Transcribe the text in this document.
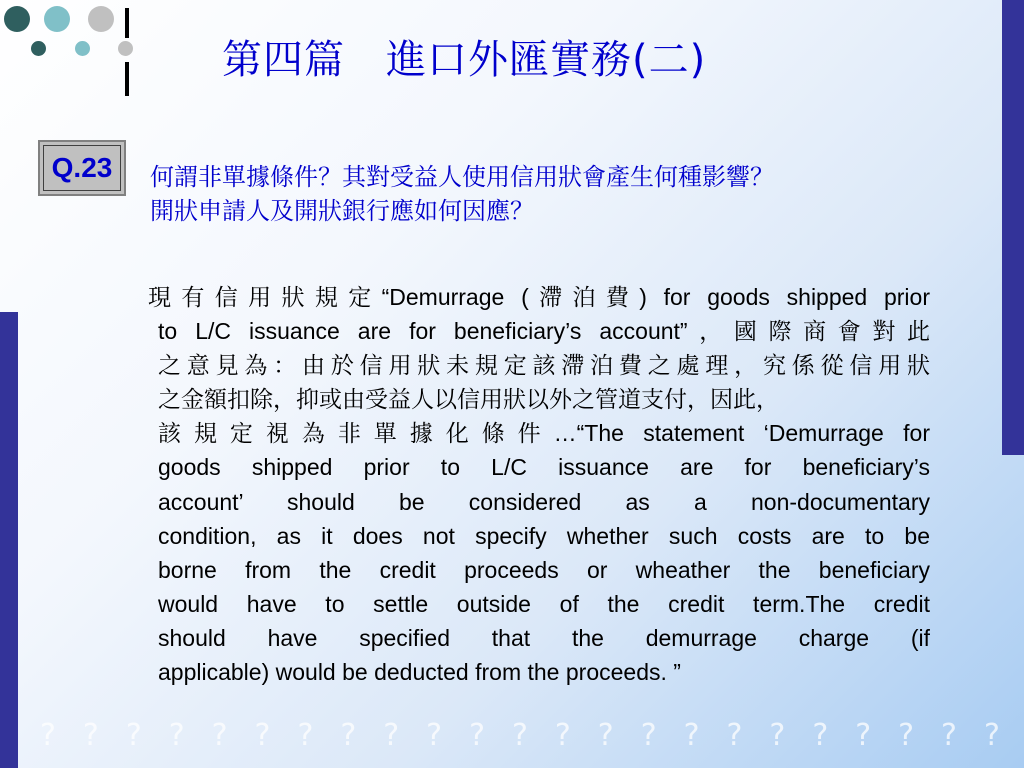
第四篇　進口外匯實務(二)
Q.23	何謂非單據條件？其對受益人使用信用狀會產生何種影響？
開狀申請人及開狀銀行應如何因應？
現有信用狀規定“Demurrage (滯泊費) for goods shipped prior
to L/C issuance are for beneficiary’s account”，國際商會對此
之意見為：由於信用狀未規定該滯泊費之處理，究係從信用狀
之金額扣除，抑或由受益人以信用狀以外之管道支付，因此，
該規定視為非單據化條件…“The statement ‘Demurrage for
goods shipped prior to L/C issuance are for beneficiary’s
account’ should be considered as a non-documentary
condition, as it does not specify whether such costs are to be
borne from the credit proceeds or wheather the beneficiary
would have to settle outside of the credit term.The credit
should have specified that the demurrage charge (if
applicable) would be deducted from the proceeds. ”
? ? ? ? ? ? ? ? ? ? ? ? ? ? ? ? ? ? ? ? ? ? ?
